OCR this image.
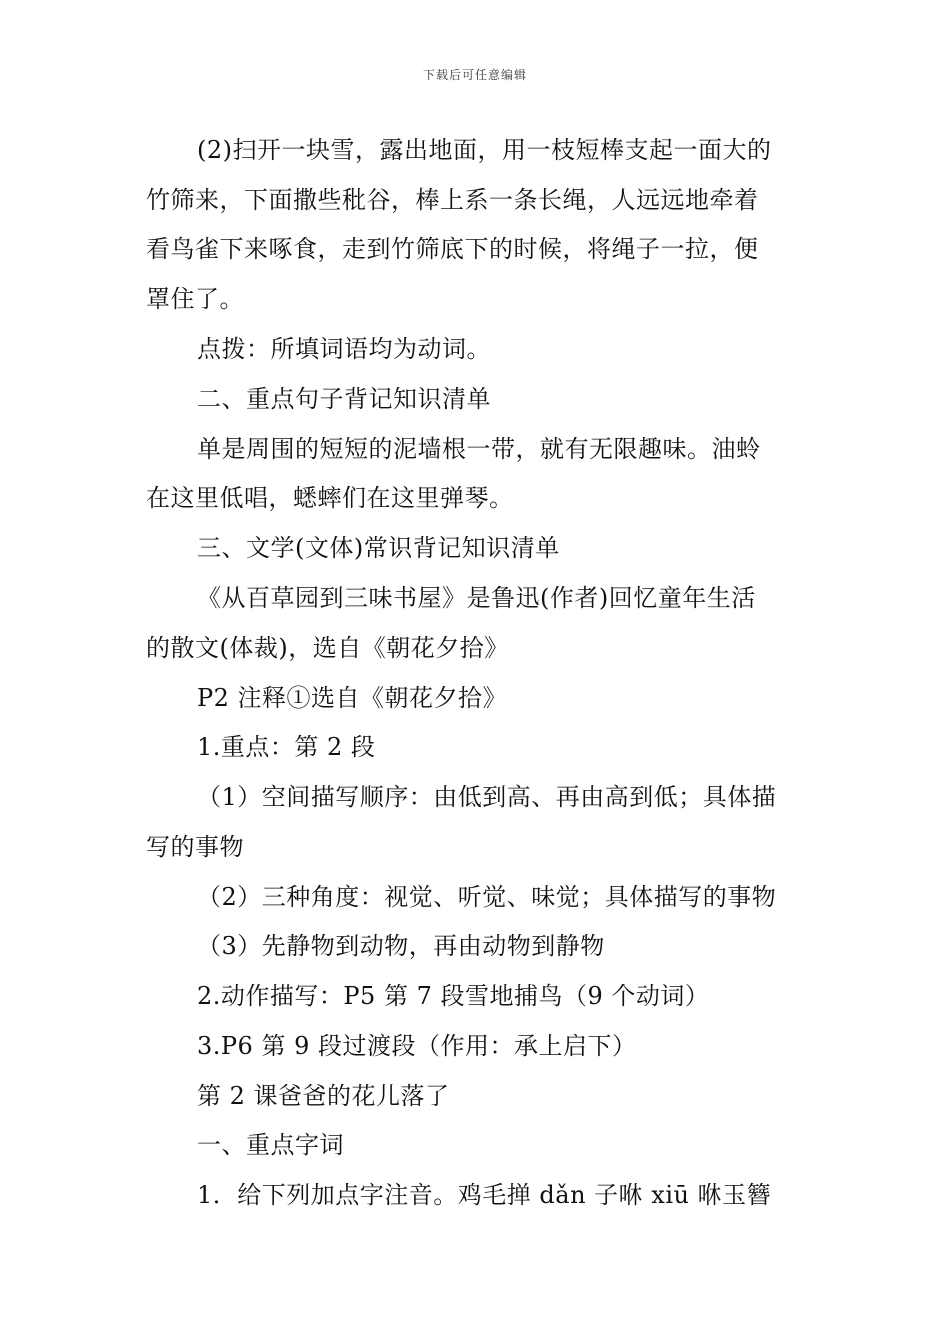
下载后可任意编辑
(2)扫开一块雪，露出地面，用一枝短棒支起一面大的
竹筛来，下面撒些秕谷，棒上系一条长绳，人远远地牵着
看鸟雀下来啄食，走到竹筛底下的时候，将绳子一拉，便
罩住了。
点拨：所填词语均为动词。
二、重点句子背记知识清单
单是周围的短短的泥墙根一带，就有无限趣味。油蛉
在这里低唱，蟋蟀们在这里弹琴。
三、文学(文体)常识背记知识清单
《从百草园到三味书屋》是鲁迅(作者)回忆童年生活
的散文(体裁)，选自《朝花夕拾》
P2 注释①选自《朝花夕拾》
1.重点：第 2 段
（1）空间描写顺序：由低到高、再由高到低；具体描
写的事物
（2）三种角度：视觉、听觉、味觉；具体描写的事物
（3）先静物到动物，再由动物到静物
2.动作描写：P5 第 7 段雪地捕鸟（9 个动词）
3.P6 第 9 段过渡段（作用：承上启下）
第 2 课爸爸的花儿落了
一、重点字词
1．给下列加点字注音。鸡毛掸 dǎn 子咻 xiū 咻玉簪
